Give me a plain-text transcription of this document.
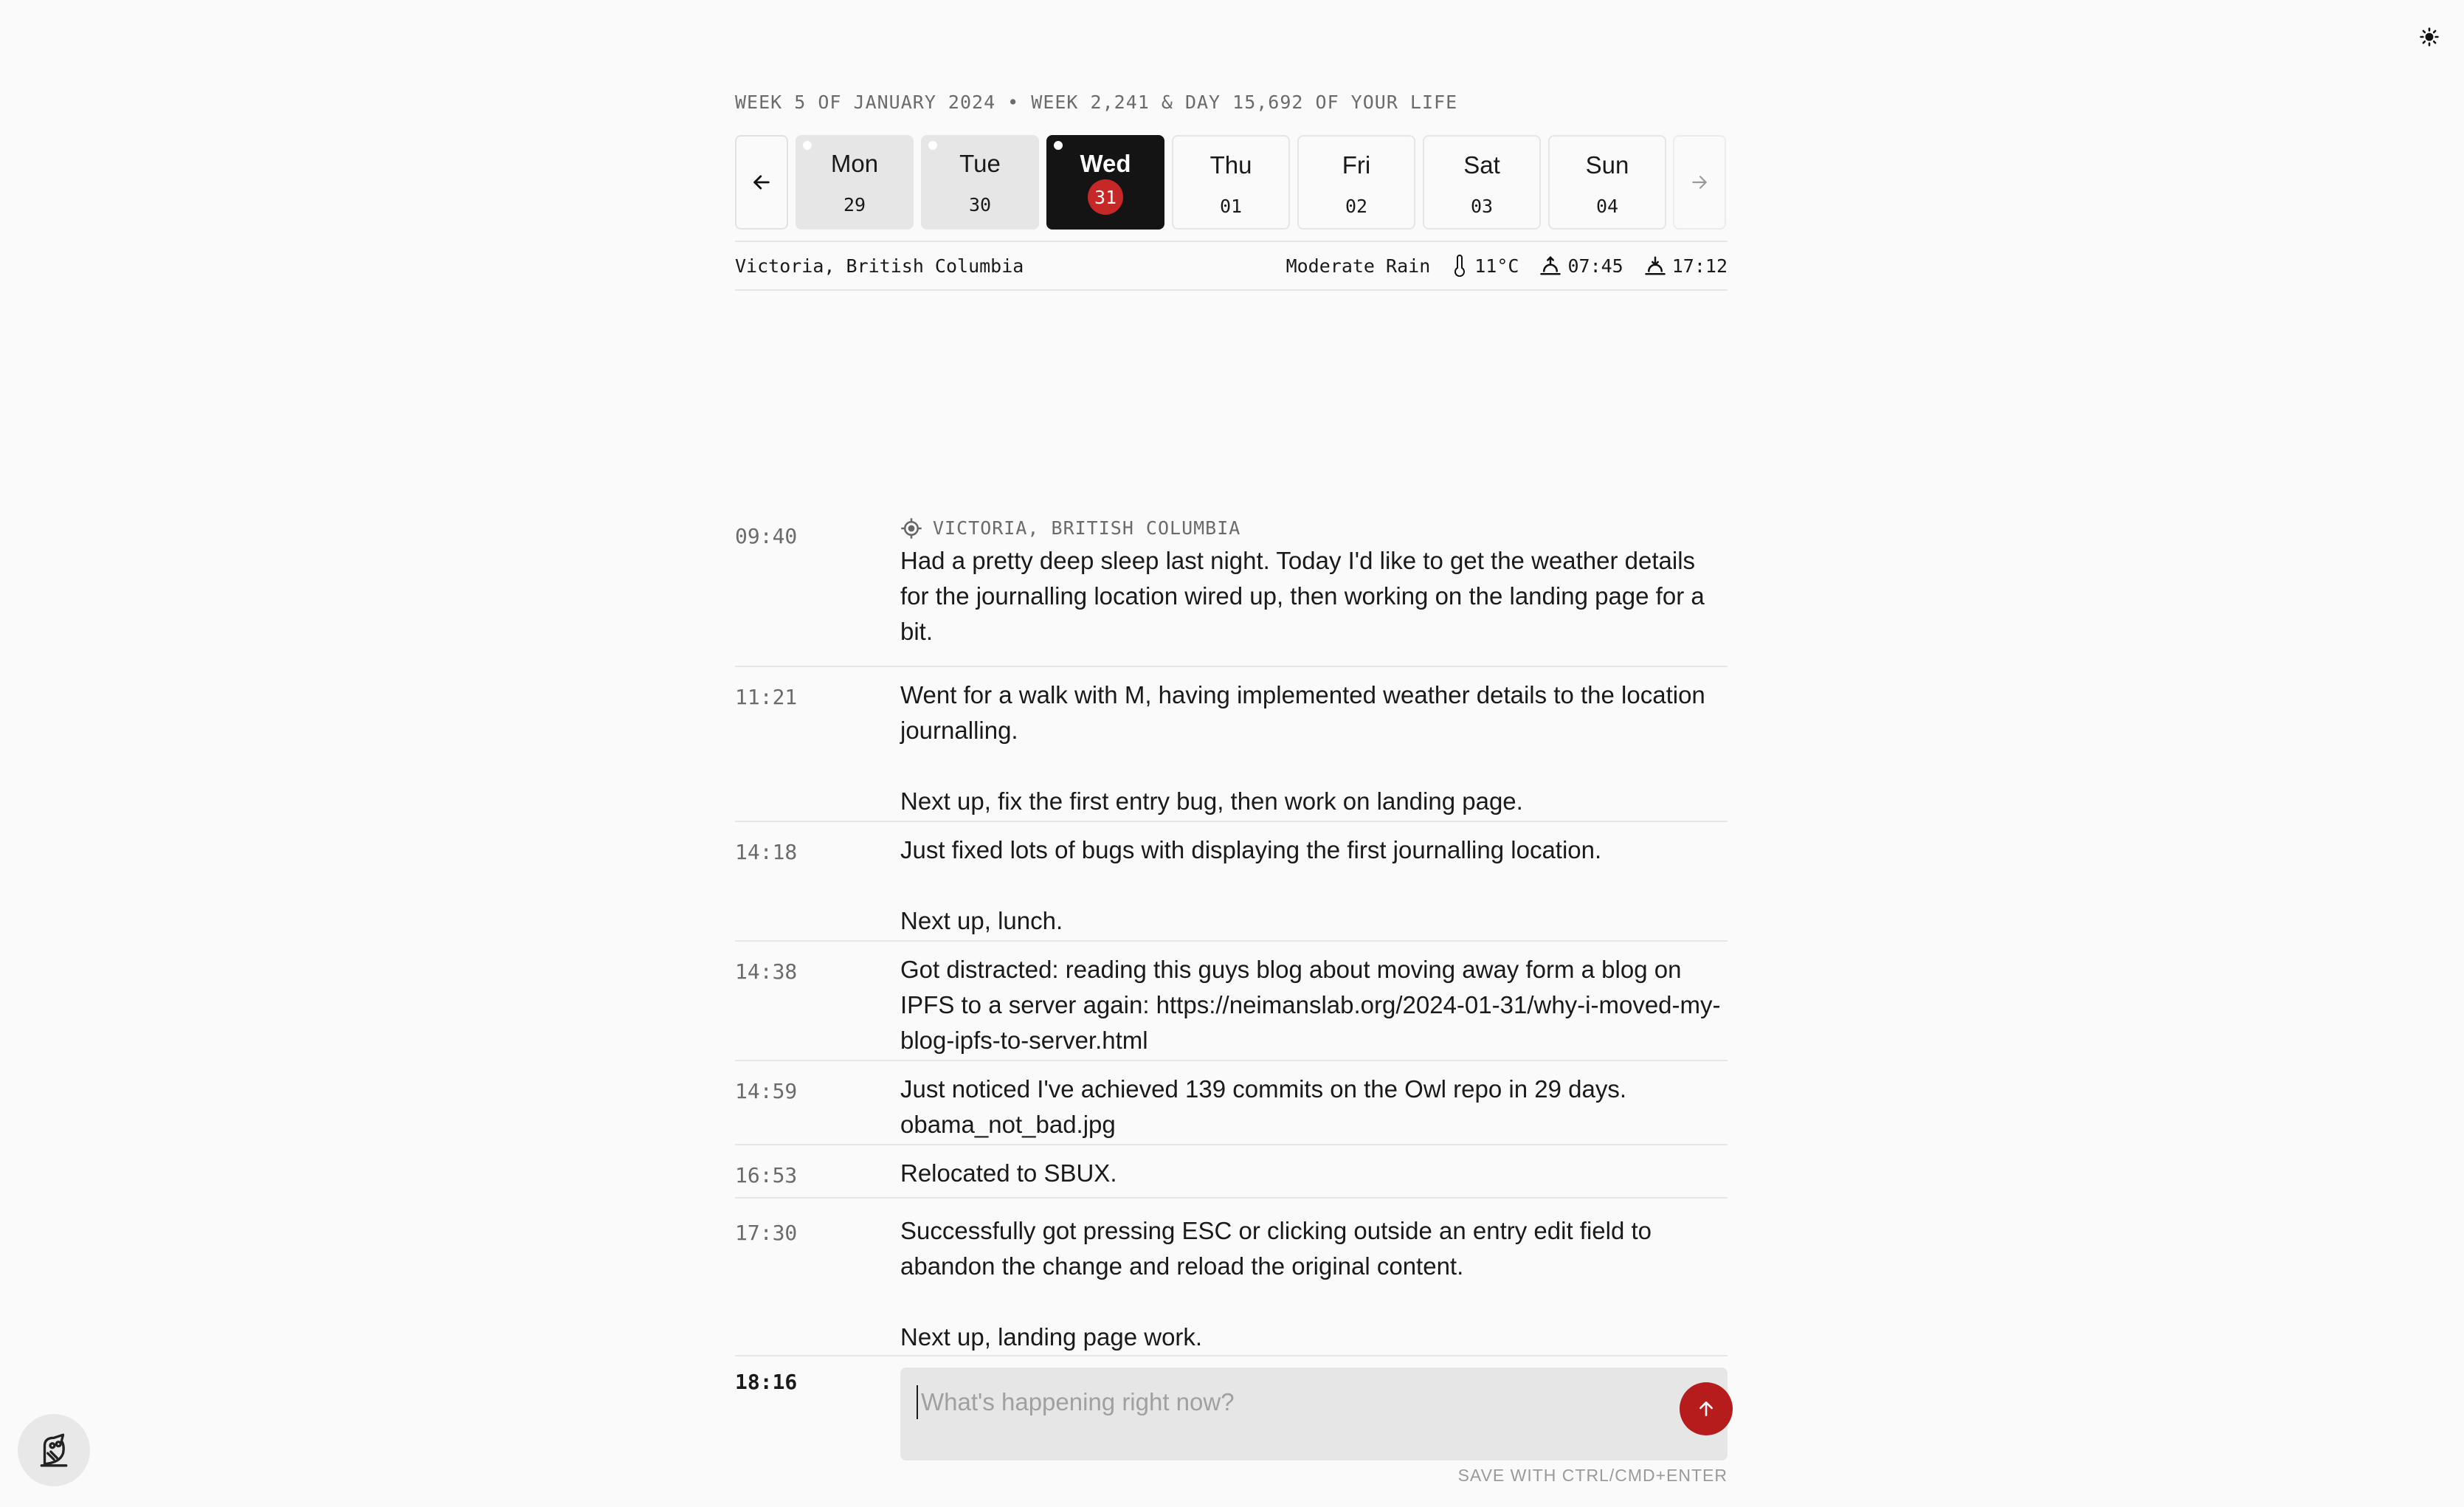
WEEK 5 OF JANUARY 2024 • WEEK 2,241 & DAY 15,692 OF YOUR LIFE
Mon
29
Tue
30
Wed
31
Thu
01
Fri
02
Sat
03
Sun
04
Victoria, British Columbia	Moderate Rain 11°C	07:45	17:12
09:40	VICTORIA, BRITISH COLUMBIA

Had a pretty deep sleep last night. Today I'd like to get the weather details for the journalling location wired up, then working on the landing page for a bit.

11:21	Went for a walk with M, having implemented weather details to the location journalling.

Next up, fix the first entry bug, then work on landing page.

14:18	Just fixed lots of bugs with displaying the first journalling location.

Next up, lunch.

14:38	Got distracted: reading this guys blog about moving away form a blog on IPFS to a server again: https://neimanslab.org/2024-01-31/why-i-moved-my-blog-ipfs-to-server.html

14:59	Just noticed I've achieved 139 commits on the Owl repo in 29 days. obama_not_bad.jpg

16:53	Relocated to SBUX.

17:30	Successfully got pressing ESC or clicking outside an entry edit field to abandon the change and reload the original content.

Next up, landing page work.

18:16
What's happening right now?
SAVE WITH CTRL/CMD+ENTER
